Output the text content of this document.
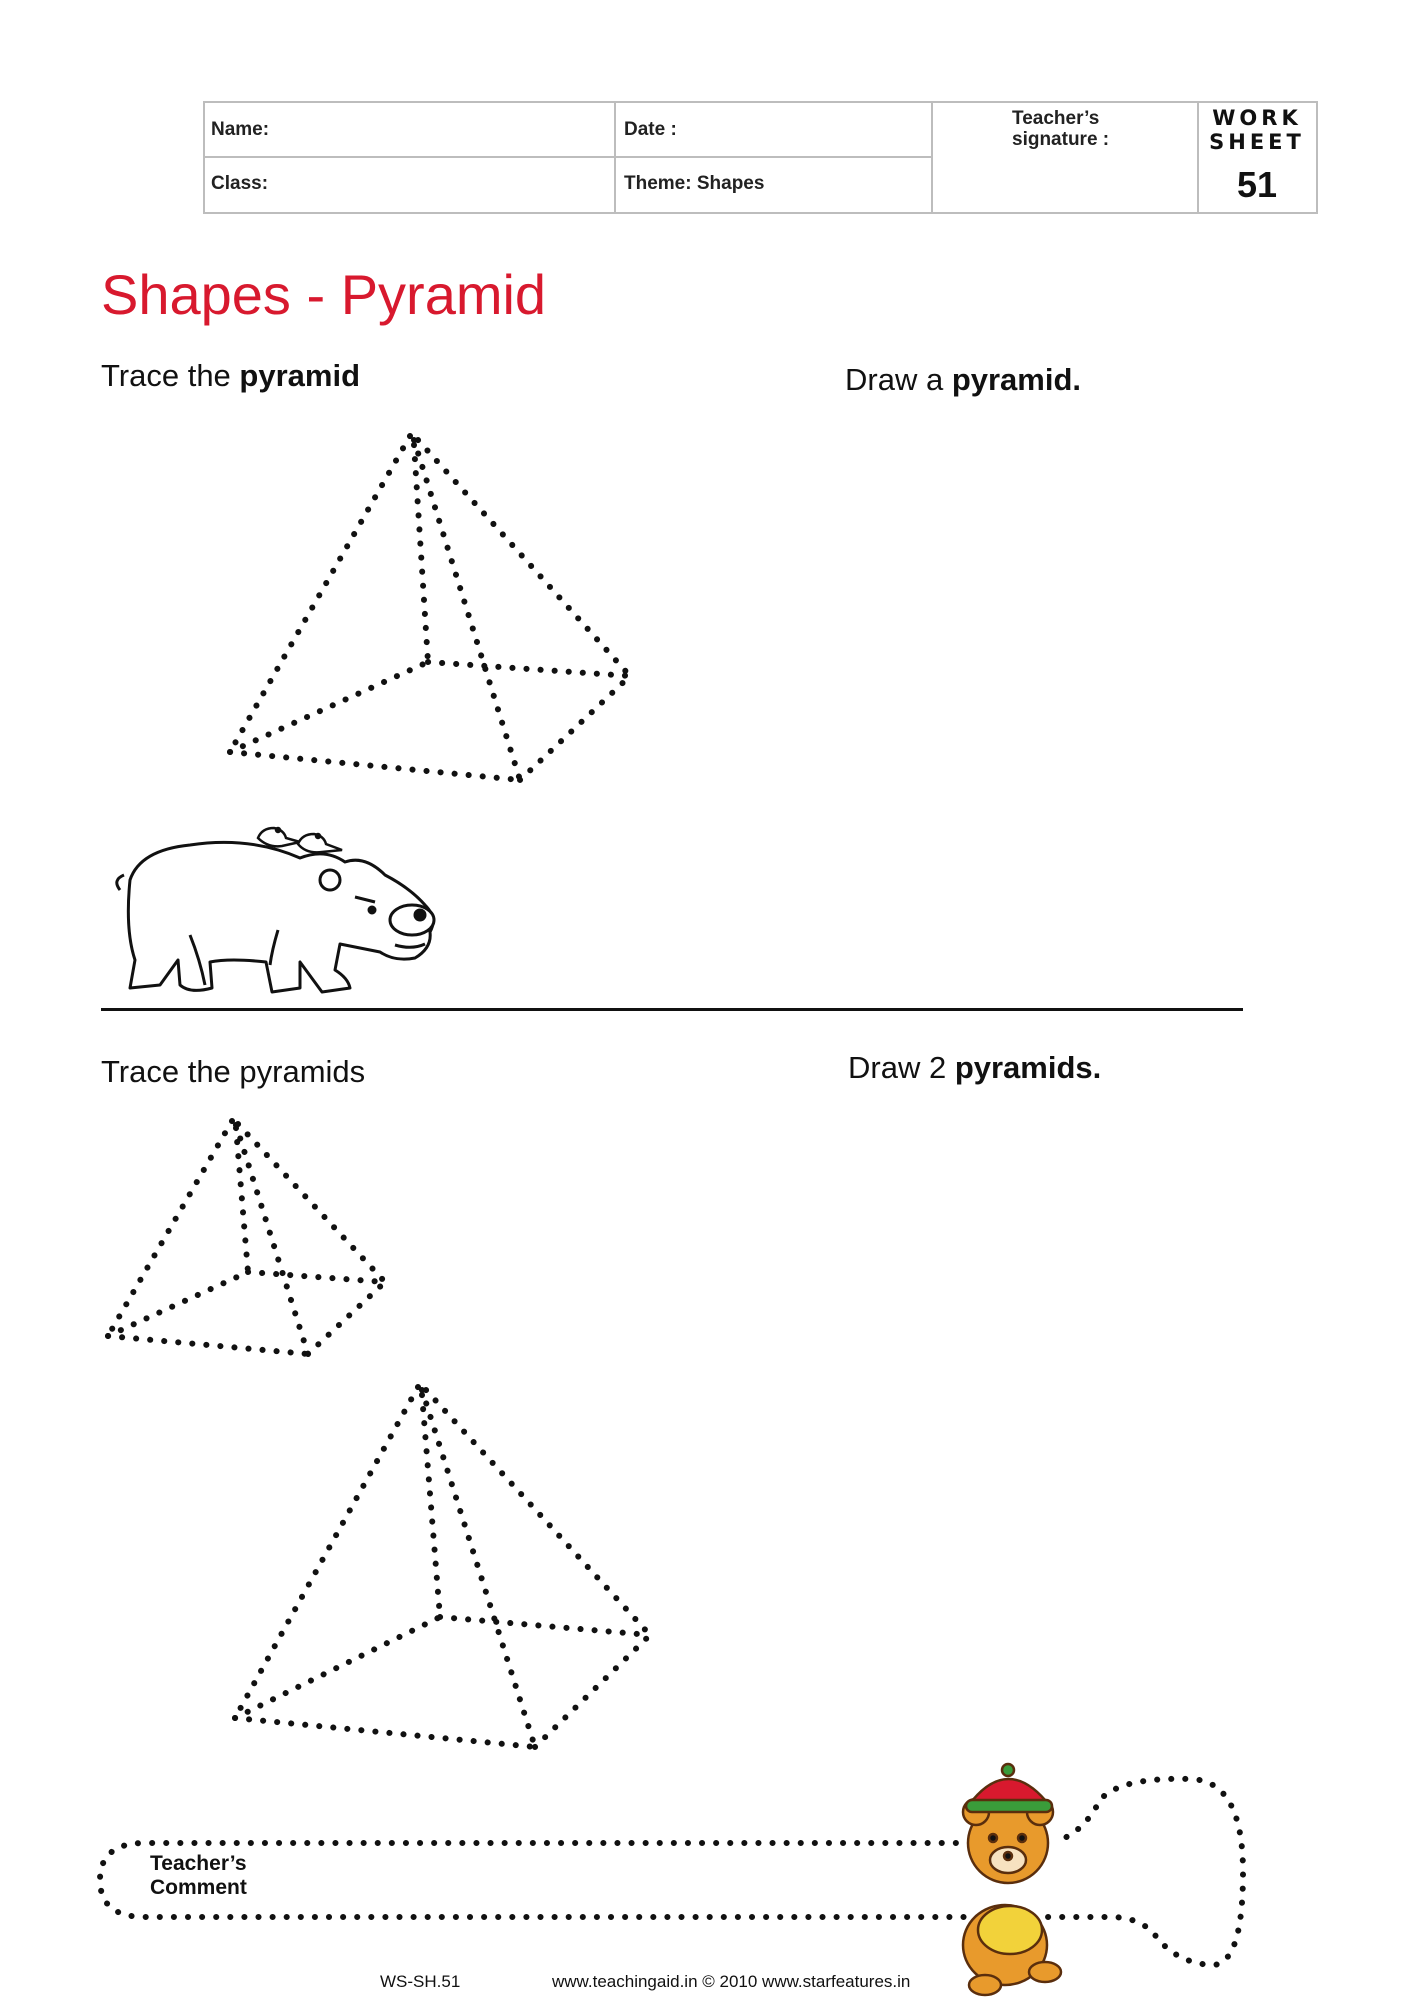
Name:	Date :
Class:	Theme: Shapes
Teacher’s
signature :
WORK
SHEET
51
Shapes - Pyramid
Trace the pyramid	Draw a pyramid.
Trace the pyramids	Draw 2 pyramids.
Teacher’s
Comment
WS-SH.51	www.teachingaid.in © 2010 www.starfeatures.in
